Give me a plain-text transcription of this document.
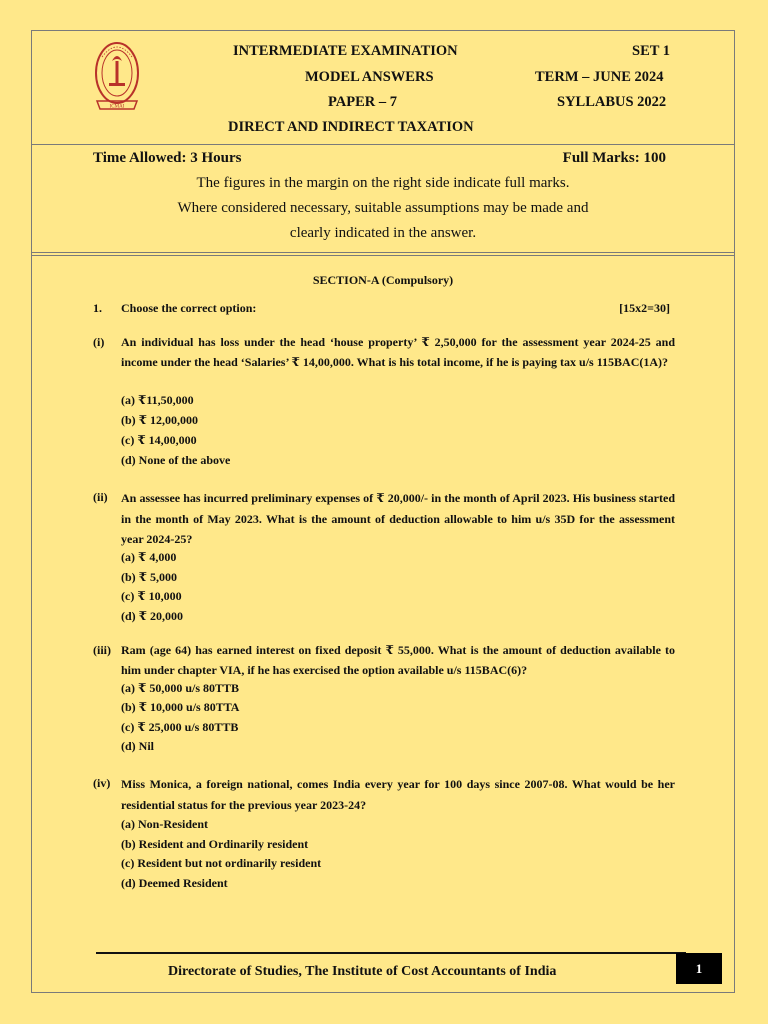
ICMAI
INTERMEDIATE EXAMINATION	SET 1
MODEL ANSWERS	TERM – JUNE 2024
PAPER – 7	SYLLABUS 2022
DIRECT AND INDIRECT TAXATION
Time Allowed: 3 Hours	Full Marks: 100
The figures in the margin on the right side indicate full marks.
Where considered necessary, suitable assumptions may be made and
clearly indicated in the answer.
SECTION-A (Compulsory)
1. Choose the correct option:	[15x2=30]
(i) An individual has loss under the head ‘house property’ ₹ 2,50,000 for the assessment year 2024-25 and income under the head ‘Salaries’ ₹ 14,00,000. What is his total income, if he is paying tax u/s 115BAC(1A)?
(a) ₹11,50,000
(b) ₹ 12,00,000
(c) ₹ 14,00,000
(d) None of the above
(ii) An assessee has incurred preliminary expenses of ₹ 20,000/- in the month of April 2023. His business started in the month of May 2023. What is the amount of deduction allowable to him u/s 35D for the assessment year 2024-25?
(a) ₹ 4,000
(b) ₹ 5,000
(c) ₹ 10,000
(d) ₹ 20,000
(iii) Ram (age 64) has earned interest on fixed deposit ₹ 55,000. What is the amount of deduction available to him under chapter VIA, if he has exercised the option available u/s 115BAC(6)?
(a) ₹ 50,000 u/s 80TTB
(b) ₹ 10,000 u/s 80TTA
(c) ₹ 25,000 u/s 80TTB
(d) Nil
(iv) Miss Monica, a foreign national, comes India every year for 100 days since 2007-08. What would be her residential status for the previous year 2023-24?
(a) Non-Resident
(b) Resident and Ordinarily resident
(c) Resident but not ordinarily resident
(d) Deemed Resident
Directorate of Studies, The Institute of Cost Accountants of India	1
